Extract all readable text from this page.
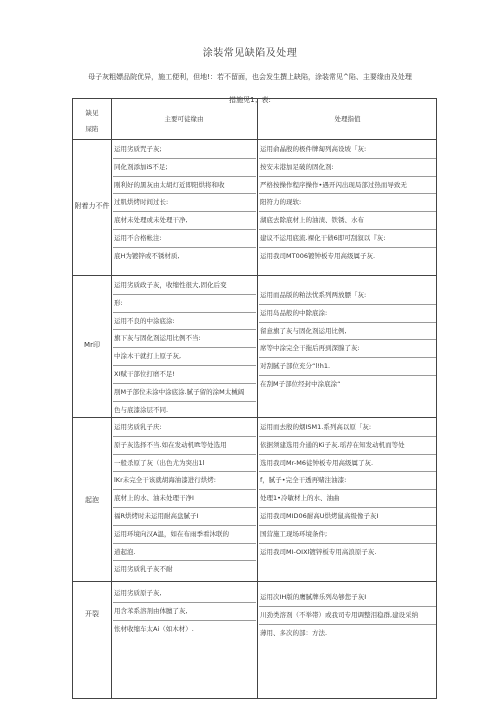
涂装常见缺陷及处理
母子灰粗嫖品院优异，施工便利，但地!：若不留面，也会发生撰上缺陷，涂装常见^陷、主要缘由及处理
措施见1；表:
缺见
屎陷
主要可徒缘由	处理指值
附着力不件
运用劣质咒子灰;
同化剂添加iS不足;
刚利好的黑灰由太胡灯近即阳烘将和收
过肌烘烤时间过长:
底材未处理或未处理干净,
运用不合格帐注:
底H为镀锌或不锈材质,
运用俞晶殷的极件牌匐列高设坡「灰:
按安未港加足破的固化剂:
严格按操作程序操作•遇开闪出现局部过热而导致无
阳符力的现软:
湖底去除底材上的油渍、铁锈、水布
建议不运用底流.裸化干债6即可刮叙以『灰:
运用我司MT006镀钟板专用高级属子灰.
Mr印
运用劣质政子灰，收缩性很大,固化后变
形:
运用不良的中涂底涂:
旗下灰与固化剂运用比例不当:
中涂木干就打上原子灰,
XI赋干部位打磨不足!
刖M子部位未涂中涂底涂.腻子留的涂M太械阔
色与底漆涂层不同.
运用而品版的粕法忧系列两放膘「灰:
运用岛品般的中除底涂:
留意旗了灰与固化剂运用比例,
席等中涂完全干拖后再到深腺了灰:
对刮腻子部位充分“l!h1.
在刮M子部位经封中涂底涂“
起泡
运用劣质乳子庆:
原子灰选择不当.如在发动机lft等处选用
一般杀原了灰（出色尤为突出1l
lKr未完全干该就胡海油漆进行烘烤:
底材上的水、油未处理干净I
福R烘烤时未运用耐高盘腻子I
运用环境向汉A温，如在布雨季看沐联的
道起泡.
运用劣质乳子灰不耐
运用而去殷的烟ISM1.系列高以原「灰:
依据须建选用介通的Ki子灰.瑶荐在知发动机而等处
选用我司Mr-M6徒钟板专用高级属了灰.
f，腻子•完全干透再赌注油漆:
处理1•冷敏材上的水、油曲
运用我司MID06耐高U烘烤鼠高级像子灰I
国营施工现场环境条件;
运用我司MI-OIXl镀锌板专用高浪原子灰.
开裂
运用劣质原子灰,
用含苯系溶剂由体膻了灰,
怅材收缩车太Ai（如木材）.
运用次IH版的鹰腻牌乐列岛够您子灰I
川劲类溶剂（不举帯）或我司专用调整泪稳群,建设采纳
薄用、多次的部：方法.
